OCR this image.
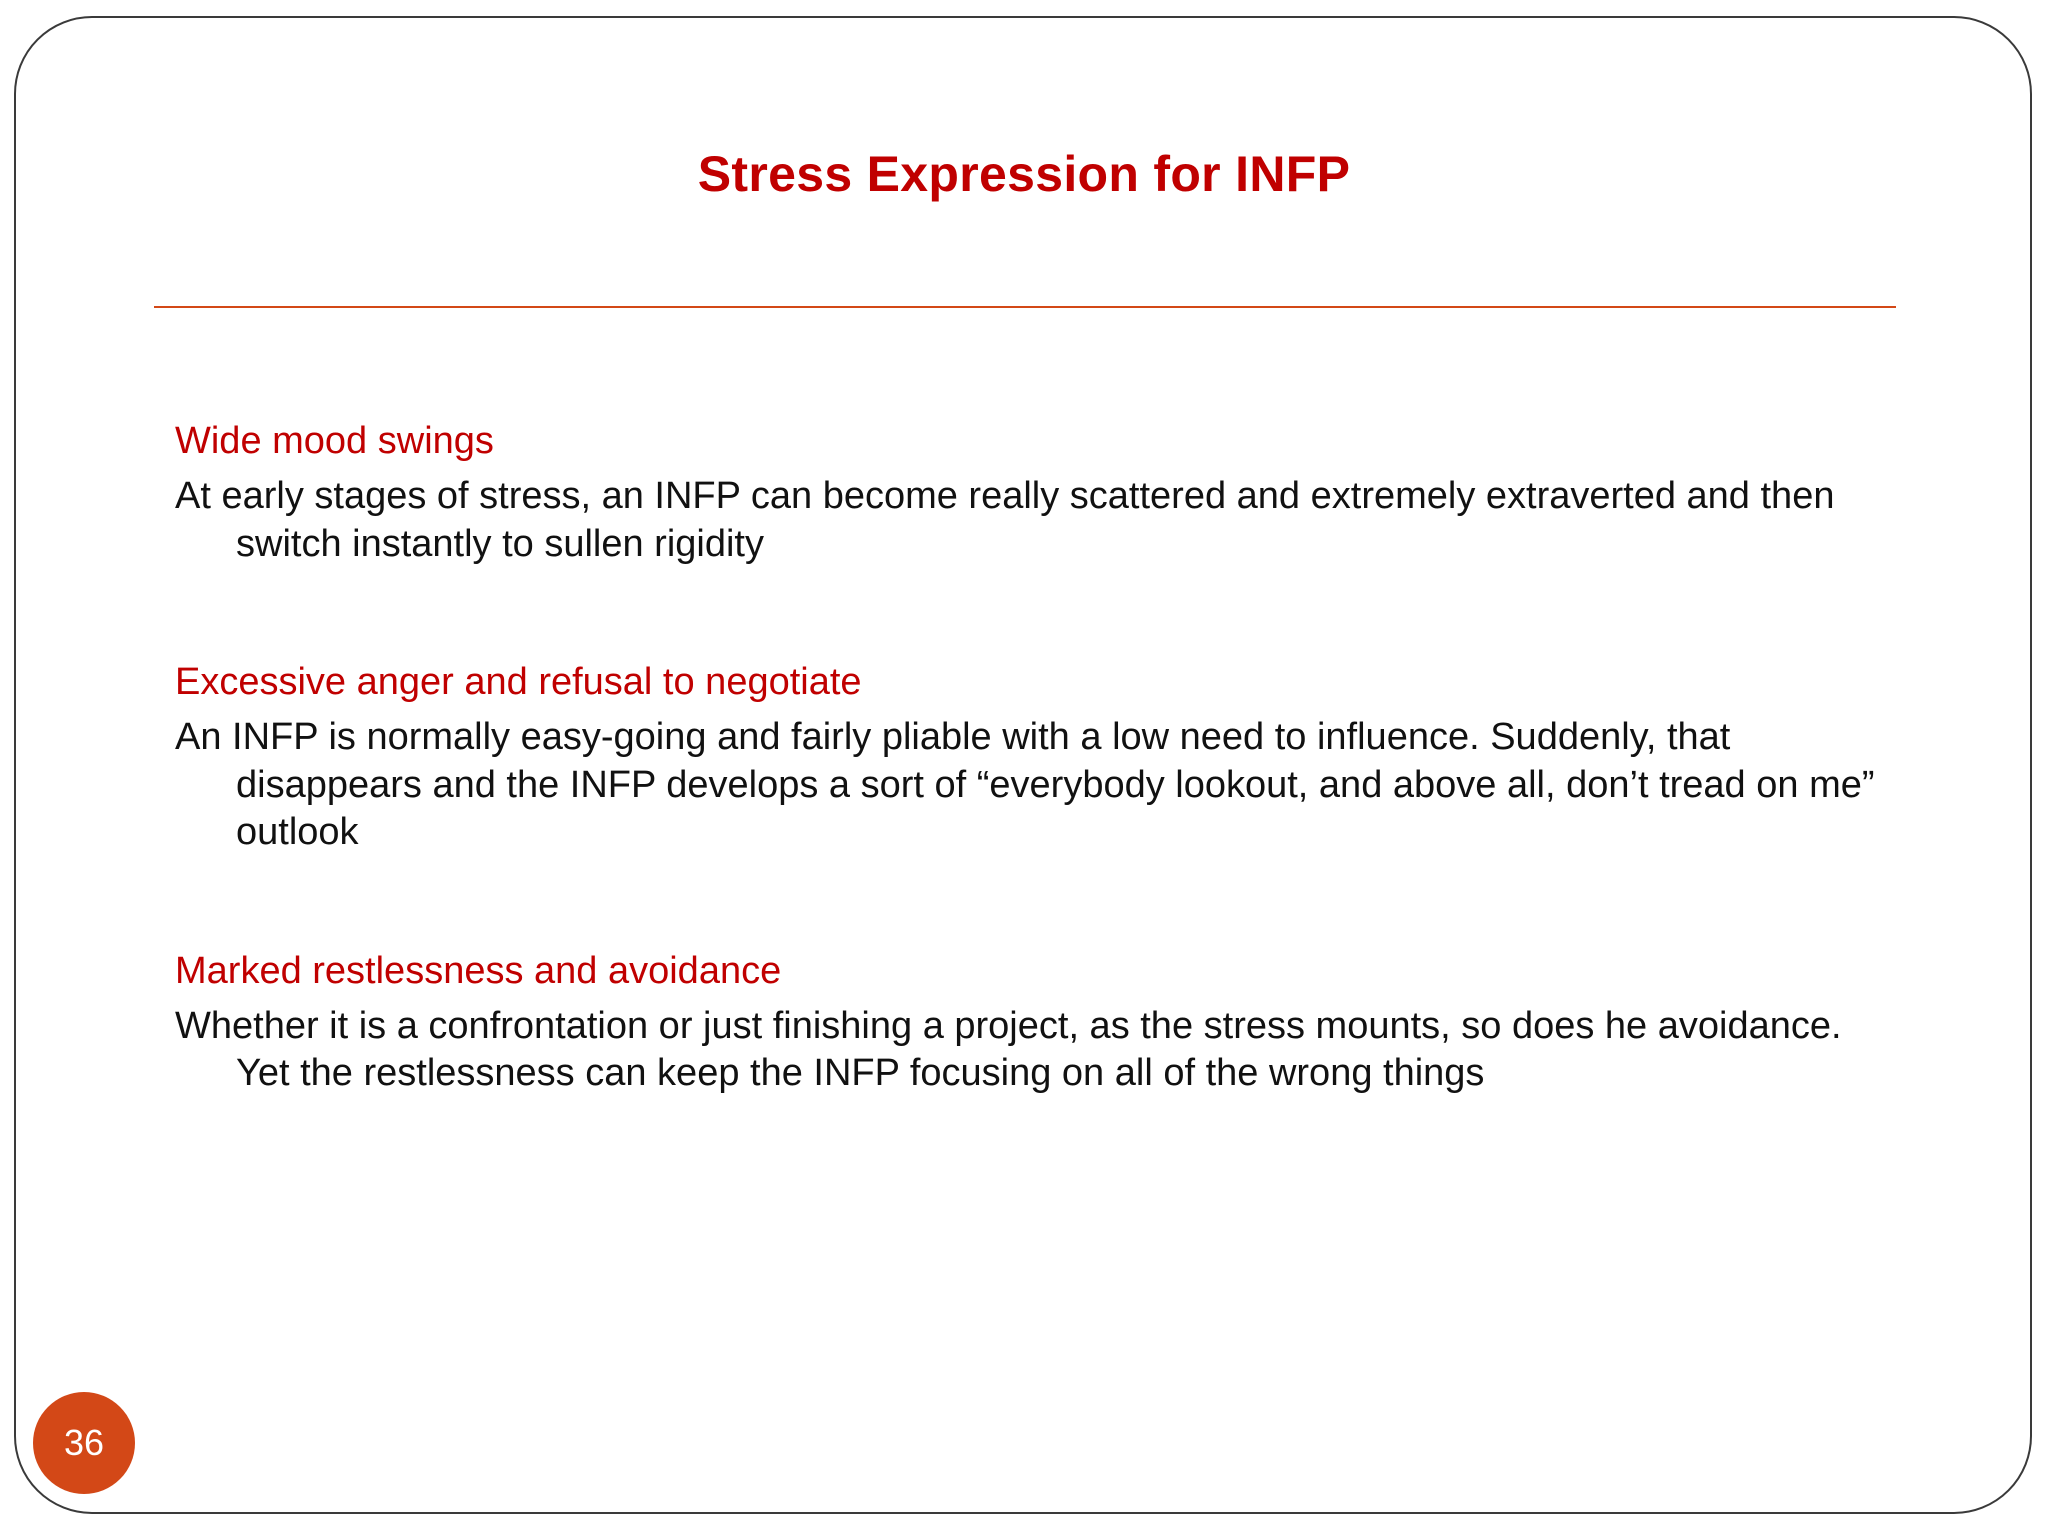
Stress Expression for INFP

Wide mood swings

At early stages of stress, an INFP can become really scattered and extremely extraverted and then switch instantly to sullen rigidity

Excessive anger and refusal to negotiate

An INFP is normally easy-going and fairly pliable with a low need to influence. Suddenly, that disappears and the INFP develops a sort of “everybody lookout, and above all, don’t tread on me” outlook

Marked restlessness and avoidance

Whether it is a confrontation or just finishing a project, as the stress mounts, so does he avoidance. Yet the restlessness can keep the INFP focusing on all of the wrong things

36
